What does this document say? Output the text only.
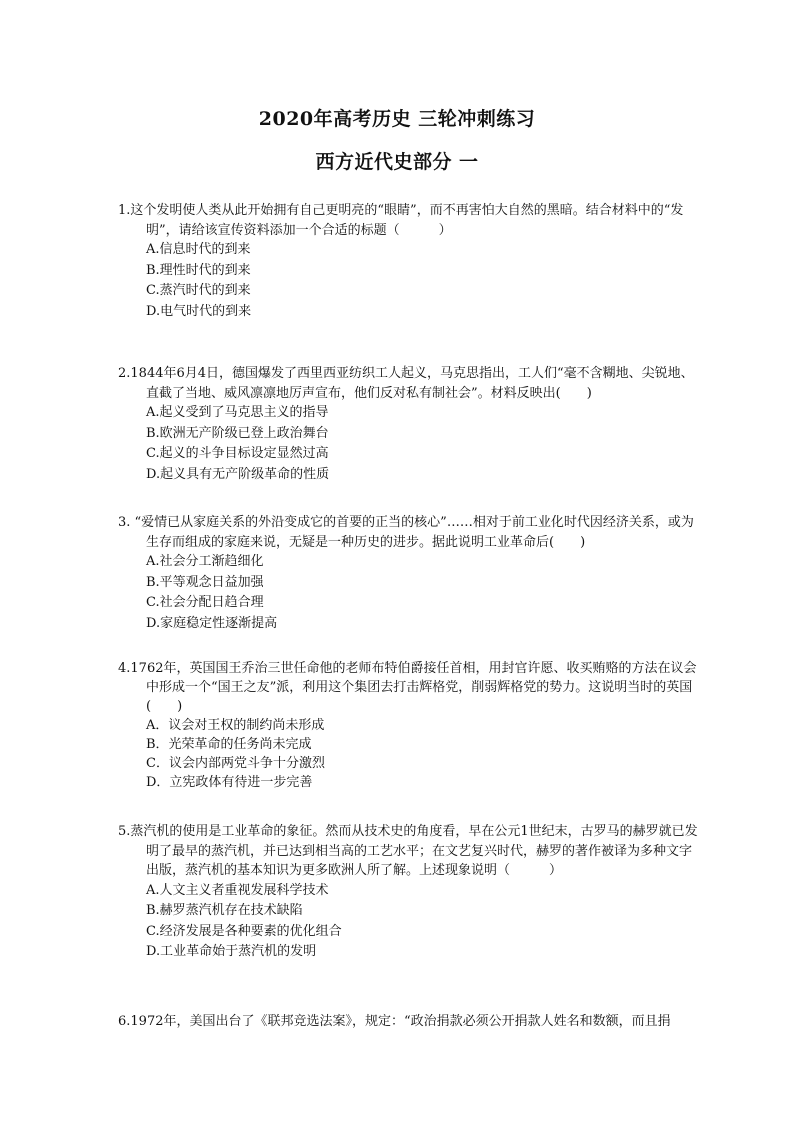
2020年高考历史 三轮冲刺练习
西方近代史部分 一

1.这个发明使人类从此开始拥有自己更明亮的“眼睛”，而不再害怕大自然的黑暗。结合材料中的“发明”，请给该宣传资料添加一个合适的标题（　　　）

A.信息时代的到来
B.理性时代的到来
C.蒸汽时代的到来
D.电气时代的到来

2.1844年6月4日，德国爆发了西里西亚纺织工人起义，马克思指出，工人们“毫不含糊地、尖锐地、直截了当地、威风凛凛地厉声宣布，他们反对私有制社会”。材料反映出(　　)

A.起义受到了马克思主义的指导
B.欧洲无产阶级已登上政治舞台
C.起义的斗争目标设定显然过高
D.起义具有无产阶级革命的性质

3. “爱情已从家庭关系的外沿变成它的首要的正当的核心”……相对于前工业化时代因经济关系，或为生存而组成的家庭来说，无疑是一种历史的进步。据此说明工业革命后(　　)

A.社会分工渐趋细化
B.平等观念日益加强
C.社会分配日趋合理
D.家庭稳定性逐渐提高

4.1762年，英国国王乔治三世任命他的老师布特伯爵接任首相，用封官许愿、收买贿赂的方法在议会中形成一个“国王之友”派，利用这个集团去打击辉格党，削弱辉格党的势力。这说明当时的英国(　　)

A．议会对王权的制约尚未形成
B．光荣革命的任务尚未完成
C．议会内部两党斗争十分激烈
D．立宪政体有待进一步完善

5.蒸汽机的使用是工业革命的象征。然而从技术史的角度看，早在公元1世纪末，古罗马的赫罗就已发明了最早的蒸汽机，并已达到相当高的工艺水平；在文艺复兴时代，赫罗的著作被译为多种文字出版，蒸汽机的基本知识为更多欧洲人所了解。上述现象说明（　　　）

A.人文主义者重视发展科学技术
B.赫罗蒸汽机存在技术缺陷
C.经济发展是各种要素的优化组合
D.工业革命始于蒸汽机的发明

6.1972年，美国出台了《联邦竞选法案》，规定：“政治捐款必须公开捐款人姓名和数额，而且捐
